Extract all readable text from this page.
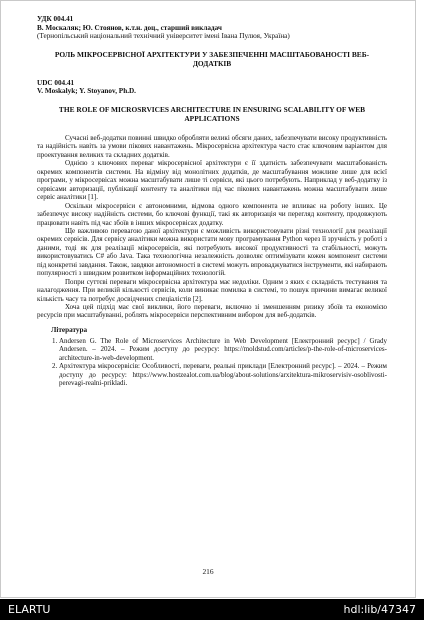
УДК 004.41
В. Москаляк; Ю. Стоянов, к.т.н. доц., старший викладач
(Тернопільський національний технічний університет імені Івана Пулюя, Україна)
РОЛЬ МІКРОСЕРВІСНОЇ АРХІТЕКТУРИ У ЗАБЕЗПЕЧЕННІ МАСШТАБОВАНОСТІ ВЕБ-ДОДАТКІВ
UDC 004.41
V. Moskalyk; Y. Stoyanov, Ph.D.
THE ROLE OF MICROSRVICES ARCHITECTURE IN ENSURING SCALABILITY OF WEB APPLICATIONS

Сучасні веб-додатки повинні швидко обробляти великі обсяги даних, забезпечувати високу продуктивність та надійність навіть за умови пікових навантажень. Мікросервісна архітектура часто стає ключовим варіантом для проектування великих та складних додатків.

Однією з ключових переваг мікросервісної архітектури є її здатність забезпечувати масштабованість окремих компонентів системи. На відміну від монолітних додатків, де масштабування можливе лише для всієї програми, у мікросервісах можна масштабувати лише ті сервіси, які цього потребують. Наприклад у веб-додатку із сервісами авторизації, публікації контенту та аналітики під час пікових навантажень можна масштабувати лише сервіс аналітики [1].

Оскільки мікросервіси є автономними, відмова одного компонента не впливає на роботу інших. Це забезпечує високу надійність системи, бо ключові функції, такі як авторизація чи перегляд контенту, продовжують працювати навіть під час збоїв в інших мікросервісах додатку.

Ще важливою перевагою даної архітектури є можливість використовувати різні технології для реалізації окремих сервісів. Для сервісу аналітики можна використати мову програмування Python через її зручність у роботі з даними, тоді як для реалізації мікросервісів, які потребують високої продуктивності та стабільності, можуть використовуватись C# або Java. Така технологічна незалежність дозволяє оптимізувати кожен компонент системи під конкретні завдання. Також, завдяки автономності в системі можуть впроваджуватися інструменти, які набирають популярності з швидким розвитком інформаційних технологій.

Попри суттєві переваги мікросервісна архітектура має недоліки. Одним з яких є складність тестування та налагодження. При великій кількості сервісів, коли виникає помилка в системі, то пошук причини вимагає великої кількість часу та потребує досвідчених спеціалістів [2].

Хоча цей підхід має свої виклики, його переваги, включно зі зменшенням ризику збоїв та економією ресурсів при масштабуванні, роблять мікросервіси перспективним вибором для веб-додатків.

Література
1. Andersen G. The Role of Microservices Architecture in Web Development [Електронний ресурс] / Grady Andersen. – 2024. – Режим доступу до ресурсу: https://moldstud.com/articles/p-the-role-of-microservices-architecture-in-web-development.
2. Архітектура мікросервісів: Особливості, переваги, реальні приклади [Електронний ресурс]. – 2024. – Режим доступу до ресурсу: https://www.hostzealot.com.ua/blog/about-solutions/arxitektura-mikroservisiv-osoblivosti-perevagi-realni-prikladi.
216
ELARTU	hdl:lib/47347
